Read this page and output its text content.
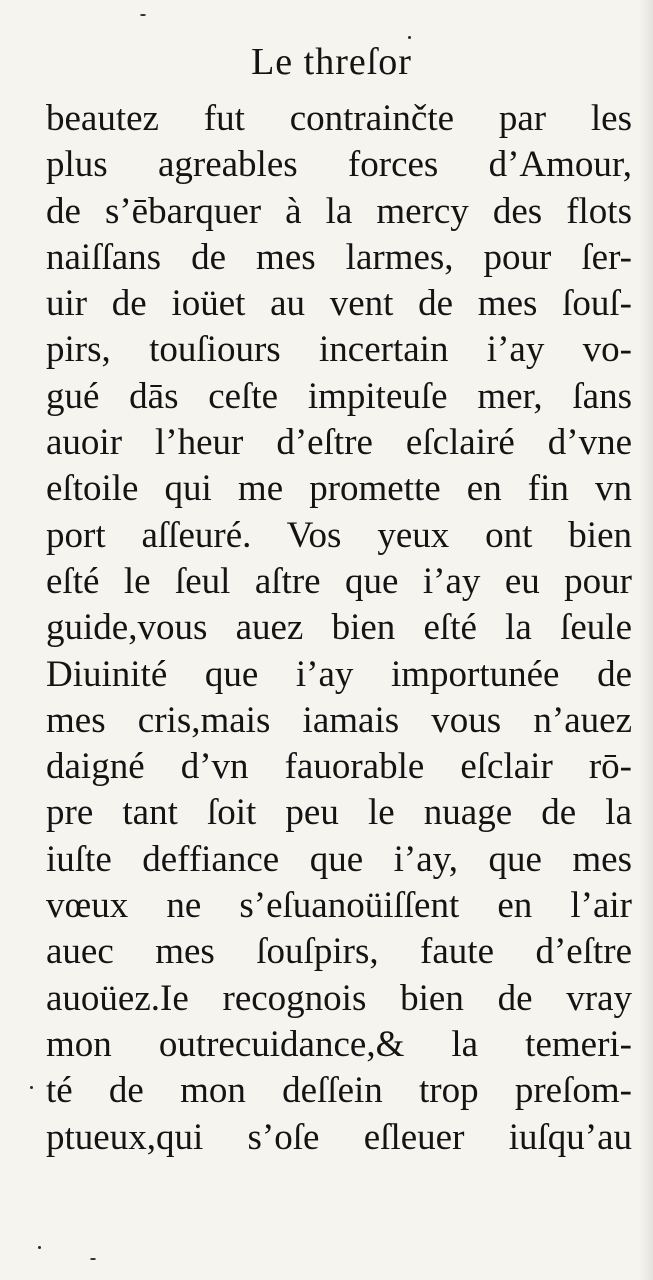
Le threſor
beautez fut contrainčte par les
plus agreables forces d’Amour,
de s’ēbarquer à la mercy des flots
naiſſans de mes larmes, pour ſer-
uir de ioüet au vent de mes ſouſ-
pirs, touſiours incertain i’ay vo-
gué dās ceſte impiteuſe mer, ſans
auoir l’heur d’eſtre eſclairé d’vne
eſtoile qui me promette en fin vn
port aſſeuré. Vos yeux ont bien
eſté le ſeul aſtre que i’ay eu pour
guide,vous auez bien eſté la ſeule
Diuinité que i’ay importunée de
mes cris,mais iamais vous n’auez
daigné d’vn fauorable eſclair rō-
pre tant ſoit peu le nuage de la
iuſte deffiance que i’ay, que mes
vœux ne s’eſuanoüiſſent en l’air
auec mes ſouſpirs, faute d’eſtre
auoüez.Ie recognois bien de vray
mon outrecuidance,& la temeri-
té de mon deſſein trop preſom-
ptueux,qui s’oſe eſleuer iuſqu’au
